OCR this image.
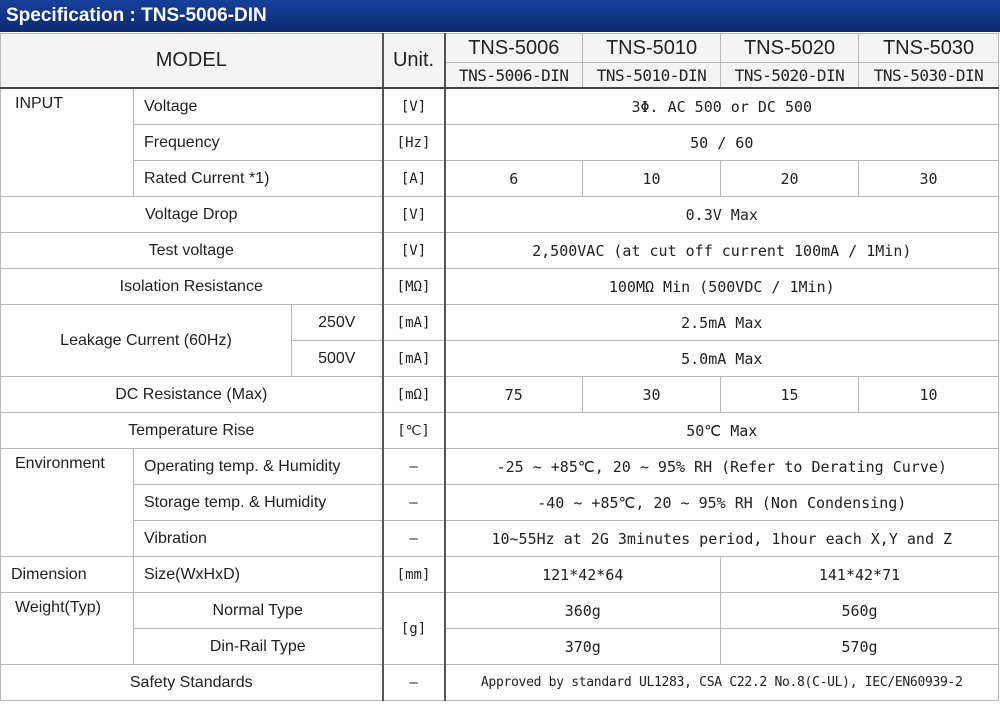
Specification : TNS-5006-DIN
MODEL			Unit.	TNS-5006	TNS-5010	TNS-5020	TNS-5030
				TNS-5006-DIN	TNS-5010-DIN	TNS-5020-DIN	TNS-5030-DIN
INPUT	Voltage		[V]	3Φ. AC 500 or DC 500			
	Frequency		[Hz]	50 / 60			
	Rated Current *1)		[A]	6	10	20	30
Voltage Drop			[V]	0.3V Max			
Test voltage			[V]	2,500VAC (at cut off current 100mA / 1Min)			
Isolation Resistance			[MΩ]	100MΩ Min (500VDC / 1Min)			
Leakage Current (60Hz)		250V	[mA]	2.5mA Max			
		500V	[mA]	5.0mA Max			
DC Resistance (Max)			[mΩ]	75	30	15	10
Temperature Rise			[℃]	50℃ Max			
Environment	Operating temp. & Humidity		–	-25 ~ +85℃, 20 ~ 95% RH (Refer to Derating Curve)			
	Storage temp. & Humidity		–	-40 ~ +85℃, 20 ~ 95% RH (Non Condensing)			
	Vibration		–	10~55Hz at 2G 3minutes period, 1hour each X,Y and Z			
Dimension	Size(WxHxD)		[mm]	121*42*64		141*42*71	
Weight(Typ)	Normal Type		[g]	360g		560g	
	Din-Rail Type			370g		570g	
Safety Standards			–	Approved by standard UL1283, CSA C22.2 No.8(C-UL), IEC/EN60939-2			
